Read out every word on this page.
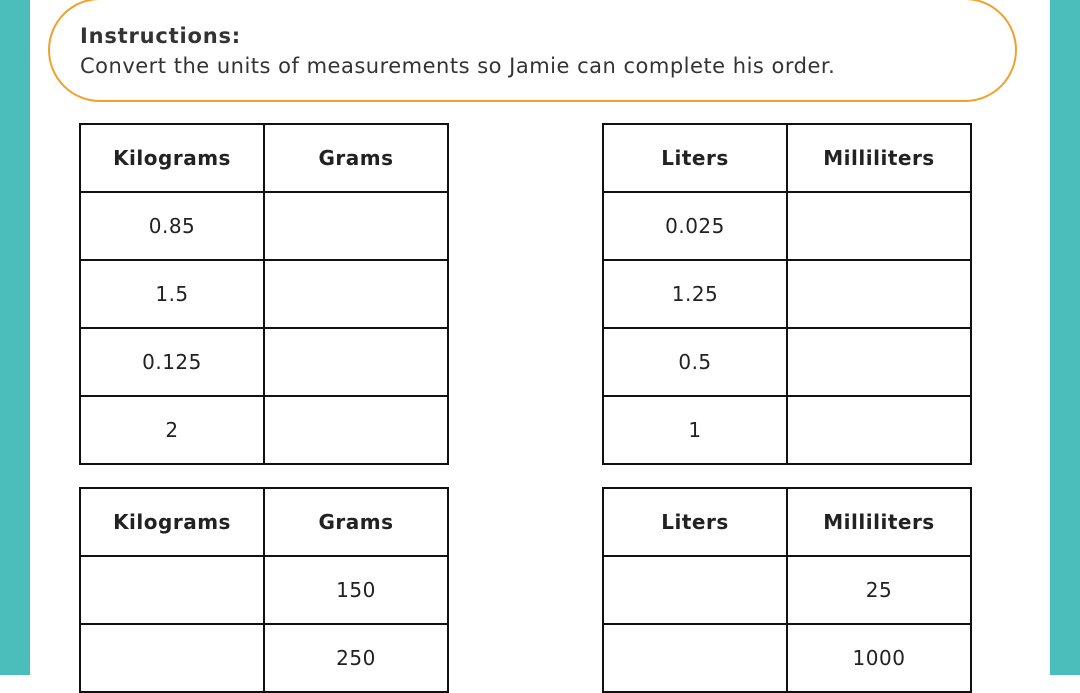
Instructions:
Convert the units of measurements so Jamie can complete his order.
Kilograms	Grams
0.85	
1.5	
0.125	
2	
Liters	Milliliters
0.025	
1.25	
0.5	
1	
Kilograms	Grams
	150
	250
Liters	Milliliters
	25
	1000
